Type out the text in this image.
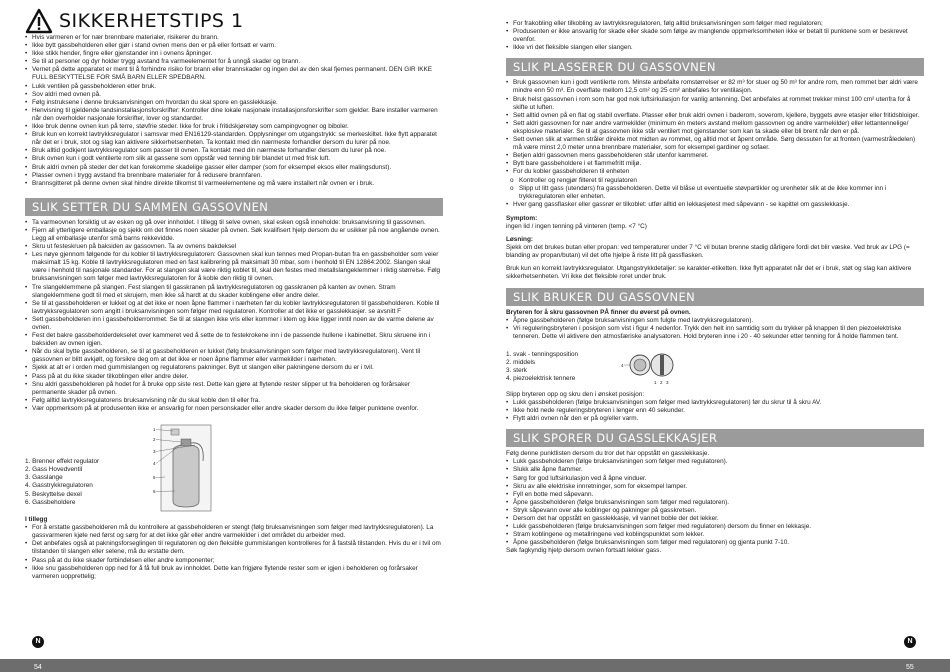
SIKKERHETSTIPS 1
• Hvis varmeren er for nær brennbare materialer, risikerer du brann.
• Ikke bytt gassbeholderen eller gjør i stand ovnen mens den er på eller fortsatt er varm.
• Ikke stikk hender, fingre eller gjenstander inn i ovnens åpninger.
• Se til at personer og dyr holder trygg avstand fra varmeelementet for å unngå skader og brann.
• Vernet på dette apparatet er ment til å forhindre risiko for brann eller brannskader og ingen del av den skal fjernes permanent. DEN GIR IKKE FULL BESKYTTELSE FOR SMÅ BARN ELLER SPEDBARN.
• Lukk ventilen på gassbeholderen etter bruk.
• Sov aldri med ovnen på.
• Følg instruksene i denne bruksanvisningen om hvordan du skal spore en gasslekkasje.
• Henvisning til gjeldende landsinstallasjonsforskrifter: Kontroller dine lokale nasjonale installasjonsforskrifter som gjelder. Bare installer varmeren når den overholder nasjonale forskrifter, lover og standarder.
• Ikke bruk denne ovnen kun på terre, støvfrie steder. Ikke for bruk i fritidskjøretøy som campingvogner og biboler.
• Bruk kun en korrekt lavtrykksregulator i samsvar med EN16129-standarden. Opplysninger om utgangstrykk: se merkeskiltet. Ikke flytt apparatet når det er i bruk, stot og slag kan aktivere sikkerhetsenheten. Ta kontakt med din nærmeste forhandler dersom du lurer på noe.
• Bruk alltid godkjent lavtrykksregulator som passer til ovnen. Ta kontakt med din nærmeste forhandler dersom du lurer på noe.
• Bruk ovnen kun i godt ventilerte rom slik at gassene som oppstår ved tenning blir blandet ut med frisk luft.
• Bruk aldri ovnen på steder der det kan forekomme skadelige gasser eller damper (som for eksempel eksos eller malingsdunst).
• Plasser ovnen i trygg avstand fra brennbare materialer for å redusere brannfaren.
• Brannsgitteret på denne ovnen skal hindre direkte tilkomst til varmeelementene og må være installert når ovnen er i bruk.
SLIK SETTER DU SAMMEN GASSOVNEN
• Ta varmeovnen forsiktig ut av esken og gå over innholdet. I tillegg til selve ovnen, skal esken også inneholde: bruksanvisning til gassovnen.
• Fjern all ytterligere emballasje og sjekk om det finnes noen skader på ovnen. Søk kvalifisert hjelp dersom du er usikker på noe angående ovnen. Legg all emballasje utenfor små barns rekkevidde.
• Skru ut festeskruen på baksiden av gassovnen. Ta av ovnens bakdeksel
• Les nøye gjennom følgende for du kobler til lavtrykksregulatoren: Gassovnen skal kun tennes med Propan-butan fra en gassbeholder som veier maksimalt 15 kg. Koble til lavtrykksregulatoren med en fast kalibrering på maksimalt 30 mbar, som i henhold til EN 12864:2002. Slangen skal være i henhold til nasjonale standarder. For at slangen skal være riktig koblet til, skal den festes med metallslangeklemmer i riktig størrelse. Følg bruksanvisningen som følger med lavtrykksregulatoren for å koble den riktig til ovnen.
• Tre slangeklemmene på slangen. Fest slangen til gasskranen på lavtrykksregulatoren og gasskranen på kanten av ovnen. Stram slangeklemmene godt til med et skrujern, men ikke så hardt at du skader koblingene eller andre deler.
• Se til at gassbeholderen er lukket og at det ikke er noen åpne flammer i nærheten før du kobler lavtrykksregulatoren til gassbeholderen. Koble til lavtrykksregulatoren som angitt i bruksanvisningen som følger med regulatoren. Kontroller at det ikke er gasslekkasjer. se avsnitt F
• Sett gassbeholderen inn i gassbeholderrommet. Se til at slangen ikke vris eller kommer i klem og ikke ligger inntil noen av de varme delene av ovnen.
• Fest det bakre gassbeholderdekselet over kammeret ved å sette de to festekrokene inn i de passende hullene i kabinettet. Skru skruene inn i baksiden av ovnen igjen.
• Når du skal bytte gassbeholderen, se til at gassbeholderen er lukket (følg bruksanvisningen som følger med lavtrykksregulatoren). Vent til gassovnen er blitt avkjølt, og forsikre deg om at det ikke er noen åpne flammer eller varmekilder i nærheten.
• Sjekk at alt er i orden med gummislangen og regulatorens pakninger. Bytt ut slangen eller pakningene dersom du er i tvil.
• Pass på at du ikke skader tilkoblingen eller andre deler.
• Snu aldri gassbeholderen på hodet for å bruke opp siste rest. Dette kan gjøre at flytende rester slipper ut fra beholderen og forårsaker permanente skader på ovnen.
• Følg alltid lavtrykksregulatorens bruksanvisning når du skal koble den til eller fra.
• Vær oppmerksom på at produsenten ikke er ansvarlig for noen personskader eller andre skader dersom du ikke følger punktene ovenfor.

1. Brenner effekt regulator

2. Gass Hovedventil

3. Gasslange

4. Gasstrykkregulatoren

5. Beskyttelse dexel

6. Gassbeholdere

1
2
3
4
5
6

I tillegg

• For å erstatte gassbeholderen må du kontrollere at gassbeholderen er stengt (følg bruksanvisningen som følger med lavtrykksregulatoren). La gassvarmeren kjøle ned først og sørg for at det ikke går eller andre varmekilder i det området du arbeider med.
• Det anbefales også at pakningsforseglingen til regulatoren og den fleksible gummislangen kontrolleres for å fastslå tilstanden. Hvis du er i tvil om tilstanden til slangen eller selene, må du erstatte dem.
• Pass på at du ikke skader forbindelsen eller andre komponenter;
• Ikke snu gassbeholderen opp ned for å få full bruk av innholdet. Dette kan frigjøre flytende rester som er igjen i beholderen og forårsaker varmeren uopprettelig;
• For frakobling eller tilkobling av lavtrykksregulatoren, følg alltid bruksanvisningen som følger med regulatoren;
• Produsenten er ikke ansvarlig for skade eller skade som følge av manglende oppmerksomheten ikke er betalt til punktene som er beskrevet ovenfor.
• Ikke vri det fleksible slangen eller slangen.
SLIK PLASSERER DU GASSOVNEN
• Bruk gassovnen kun i godt ventilerte rom. Minste anbefalte romstørrelser er 82 m³ for stuer og 50 m³ for andre rom, men rommet bør aldri være mindre enn 50 m³. En overflate mellom 12,5 cm² og 25 cm² anbefales for ventilasjon.
• Bruk helst gassovnen i rom som har god nok luftsirkulasjon for vanlig antenning. Det anbefales at rommet trekker minst 100 cm² utenfra for å skifte ut luften.
• Sett alltid ovnen på en flat og stabil overflate. Plasser eller bruk aldri ovnen i baderom, soverom, kjellere, byggets øvre etasjer eller fritidsbloiger.
• Sett aldri gassovnen for nær andre varmekilder (minimum én meters avstand mellom gassovnen og andre varmekilder) eller lettantennelige/ eksplosive materialer. Se til at gassovnen ikke står ventilert mot gjenstander som kan ta skade eller bli brent når den er på.
• Sett ovnen slik at varmen stråler direkte mot midten av rommet, og alltid mot et åpent område. Sørg dessuten for at fronten (varmestråledelen) må være minst 2,0 meter unna brennbare materialer, som for eksempel gardiner og sofaer.
• Betjen aldri gassovnen mens gassbeholderen står utenfor kammeret.
• Bytt bare gassbeholdere i et flammefritt miljø.
• For du kobler gassbeholderen til enheten
o Kontroller og rengjør filteret til regulatoren
o Slipp ut litt gass (utendørs) fra gassbeholderen. Dette vil blåse ut eventuelle støvpartikler og urenheter slik at de ikke kommer inn i trykkregulatoren eller enheten.
• Hver gang gassflasker eller gassrør er tilkoblet: utfør alltid en lekkasjetest med såpevann - se kapittel om gasslekkasje.

Symptom:

ingen lid / ingen tenning på vinteren (temp. <7 °C)

Løsning:

Sjekk om det brukes butan eller propan: ved temperaturer under 7 °C vil butan brenne stadig dårligere fordi det blir væske. Ved bruk av LPG (= blanding av propan/butan) vil det ofte hjelpe å riste litt på gassflasken.

Bruk kun en korrekt lavtrykksregulator. Utgangstrykkdetaljer: se karakter-etiketten. Ikke flytt apparatet når det er i bruk, støt og slag kan aktivere sikkerhetsenheten. Vri ikke det fleksible roret under bruk.

SLIK BRUKER DU GASSOVNEN

Bryteren for å skru gassovnen PÅ finner du øverst på ovnen.

• Åpne gassbeholderen (følge bruksanvisningen som fulgte med lavtrykksregulatoren).
• Vri reguleringsbryteren i posisjon som vist i figur 4 nedenfor. Trykk den helt inn samtidig som du trykker på knappen til den piezoelektriske tenneren. Dette vil aktivere den atmosfæriske analysatoren. Hold bryteren inne i 20 - 40 sekunder etter tenning for å holde flammen tent.

1. svak - tenningsposition

2. middels

3. sterk

4. piezoelektrisk tennere

4
1 2 3

Slipp bryteren opp og skru den i ønsket posisjon:

• Lukk gassbeholderen (følge bruksanvisningen som følger med lavtrykksregulatoren) før du skrur til å skru AV.
• Ikke hold nede reguleringsbryteren i lenger enn 40 sekunder.
• Flytt aldri ovnen når den er på og/eller varm.
SLIK SPORER DU GASSLEKKASJER

Følg denne punktlisten dersom du tror det har oppstått en gasslekkasje.

• Lukk gassbeholderen (følge bruksanvisningen som følger med regulatoren).
• Slukk alle åpne flammer.
• Sørg for god luftsirkulasjon ved å åpne vinduer.
• Skru av alle elektriske innretninger, som for eksempel lamper.
• Fyll en botte med såpevann.
• Åpne gassbeholderen (følge bruksanvisningen som følger med regulatoren).
• Stryk såpevann over alle koblinger og pakninger på gasskretsen.
• Dersom det har oppstått en gasslekkasje, vil vannet boble der det lekker.
• Lukk gassbeholderen (følge bruksanvisningen som følger med regulatoren) dersom du finner en lekkasje.
• Stram koblingene og metallringene ved koblingspunktet som lekker.
• Åpne gassbeholderen (følge bruksanvisningen som følger med regulatoren) og gjenta punkt 7-10.

Søk fagkyndig hjelp dersom ovnen fortsatt lekker gass.

N	N
54	55
